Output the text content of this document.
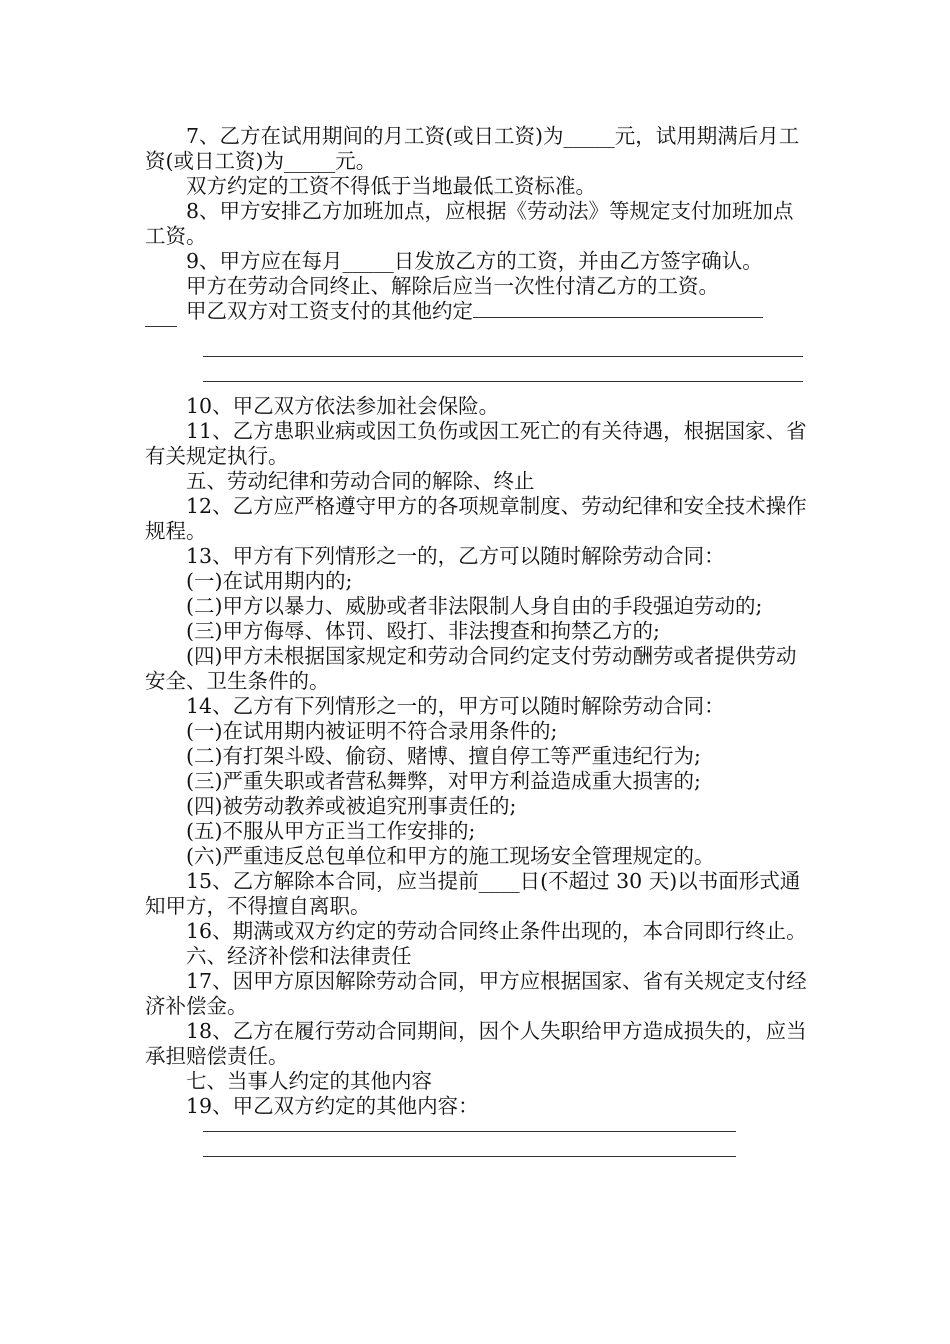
7、乙方在试用期间的月工资(或日工资)为_____元，试用期满后月工资(或日工资)为_____元。

双方约定的工资不得低于当地最低工资标准。

8、甲方安排乙方加班加点，应根据《劳动法》等规定支付加班加点工资。

9、甲方应在每月_____日发放乙方的工资，并由乙方签字确认。

甲方在劳动合同终止、解除后应当一次性付清乙方的工资。

甲乙双方对工资支付的其他约定

10、甲乙双方依法参加社会保险。

11、乙方患职业病或因工负伤或因工死亡的有关待遇，根据国家、省有关规定执行。

五、劳动纪律和劳动合同的解除、终止

12、乙方应严格遵守甲方的各项规章制度、劳动纪律和安全技术操作规程。

13、甲方有下列情形之一的，乙方可以随时解除劳动合同：

(一)在试用期内的;

(二)甲方以暴力、威胁或者非法限制人身自由的手段强迫劳动的;

(三)甲方侮辱、体罚、殴打、非法搜查和拘禁乙方的;

(四)甲方未根据国家规定和劳动合同约定支付劳动酬劳或者提供劳动安全、卫生条件的。

14、乙方有下列情形之一的，甲方可以随时解除劳动合同：

(一)在试用期内被证明不符合录用条件的;

(二)有打架斗殴、偷窃、赌博、擅自停工等严重违纪行为;

(三)严重失职或者营私舞弊，对甲方利益造成重大损害的;

(四)被劳动教养或被追究刑事责任的;

(五)不服从甲方正当工作安排的;

(六)严重违反总包单位和甲方的施工现场安全管理规定的。

15、乙方解除本合同，应当提前____日(不超过 30 天)以书面形式通知甲方，不得擅自离职。

16、期满或双方约定的劳动合同终止条件出现的，本合同即行终止。

六、经济补偿和法律责任

17、因甲方原因解除劳动合同，甲方应根据国家、省有关规定支付经济补偿金。

18、乙方在履行劳动合同期间，因个人失职给甲方造成损失的，应当承担赔偿责任。

七、当事人约定的其他内容

19、甲乙双方约定的其他内容：
